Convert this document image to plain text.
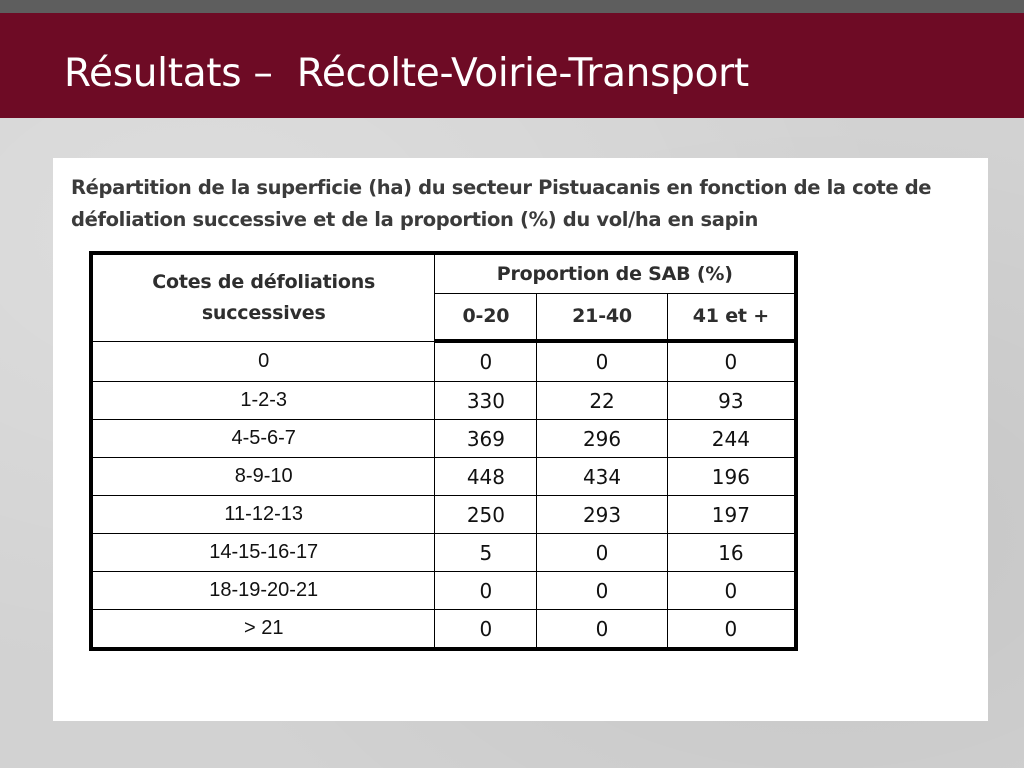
Résultats –  Récolte-Voirie-Transport

Répartition de la superficie (ha) du secteur Pistuacanis en fonction de la cote de défoliation successive et de la proportion (%) du vol/ha en sapin

Cotes de défoliations successives	Proportion de SAB (%)		
	0-20	21-40	41 et +
0	0	0	0
1-2-3	330	22	93
4-5-6-7	369	296	244
8-9-10	448	434	196
11-12-13	250	293	197
14-15-16-17	5	0	16
18-19-20-21	0	0	0
> 21	0	0	0
